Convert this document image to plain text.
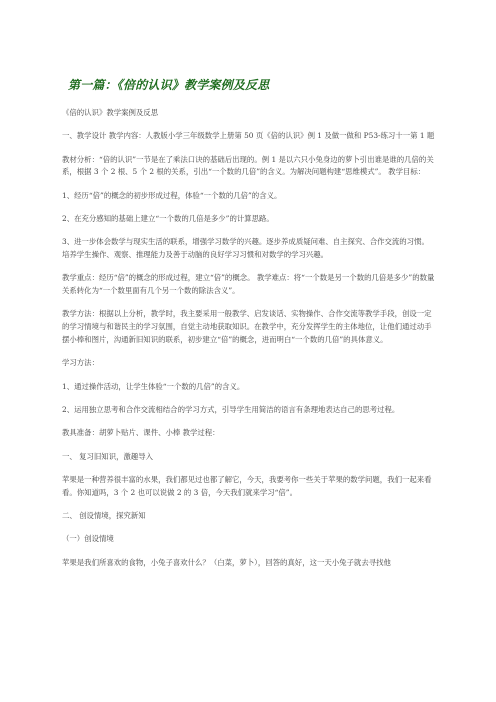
第一篇：《倍的认识》教学案例及反思

《倍的认识》教学案例及反思

一、教学设计 教学内容：人教版小学三年级数学上册第 50 页《倍的认识》例 1 及做一做和 P53-练习十一第 1 题

教材分析：“倍的认识”一节是在了乘法口诀的基础后出现的。例 1 是以六只小兔身边的萝卜引出谁是谁的几倍的关系，根据 3 个 2 根、5 个 2 根的关系，引出“一个数的几倍”的含义。为解决问题构建“思维模式”。 教学目标：

1、经历“倍”的概念的初步形成过程，体验“一个数的几倍”的含义。

2、在充分感知的基础上建立“一个数的几倍是多少”的计算思路。

3、进一步体会数学与现实生活的联系，增强学习数学的兴趣。逐步养成质疑问难、自主探究、合作交流的习惯。培养学生操作、观察、推理能力及善于动脑的良好学习习惯和对数学的学习兴趣。

教学重点：经历“倍”的概念的形成过程，建立“倍”的概念。 教学难点：将“一个数是另一个数的几倍是多少”的数量关系转化为“一个数里面有几个另一个数的除法含义”。

教学方法：根据以上分析，教学时，我主要采用一般教学、启发谈话、实物操作、合作交流等教学手段，创设一定的学习情境与和谐民主的学习氛围，自觉主动地获取知识。在教学中，充分发挥学生的主体地位，让他们通过动手摆小棒和图片，沟通新旧知识的联系，初步建立“倍”的概念，进而明白“一个数的几倍”的具体意义。

学习方法：

1、通过操作活动，让学生体验“一个数的几倍”的含义。

2、运用独立思考和合作交流相结合的学习方式，引导学生用简洁的语言有条理地表达自己的思考过程。

教具准备：胡萝卜贴片、课件、小棒 教学过程：

一、 复习旧知识，激趣导入

苹果是一种营养很丰富的水果，我们都见过也都了解它，今天，我要考你一些关于苹果的数学问题，我们一起来看看。你知道吗，3 个 2 也可以说做 2 的 3 倍，今天我们就来学习“倍”。

二、 创设情境，探究新知

（一）创设情境

苹果是我们所喜欢的食物，小兔子喜欢什么？（白菜，萝卜），回答的真好，这一天小兔子就去寻找他
